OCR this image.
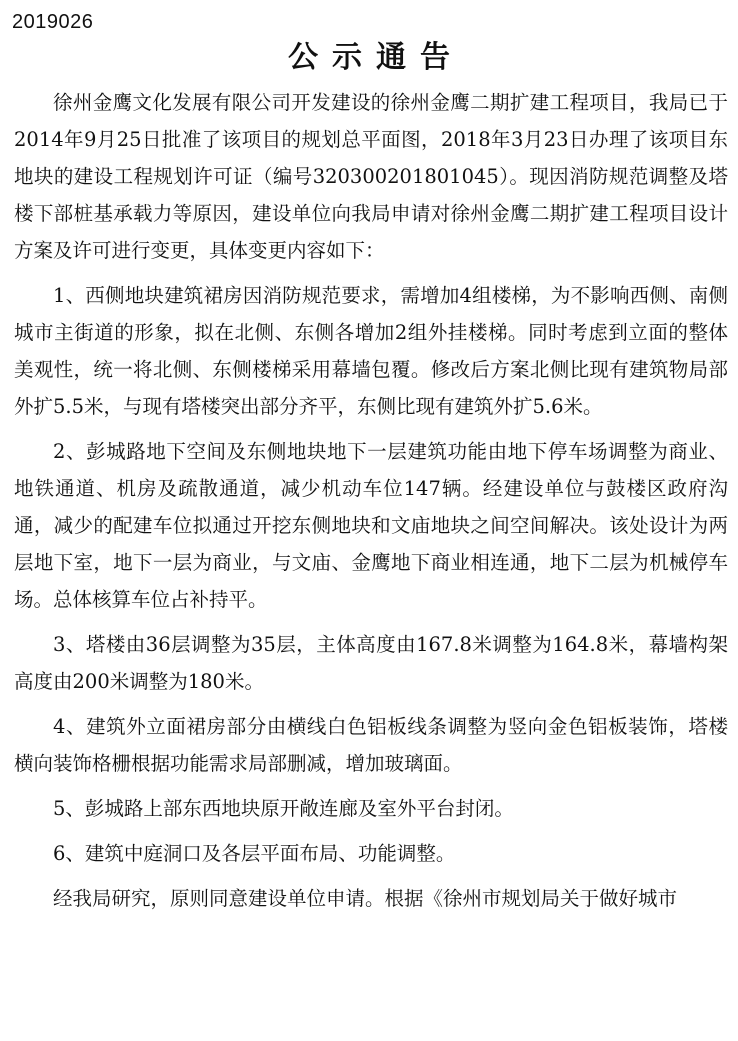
2019026
公示通告

徐州金鹰文化发展有限公司开发建设的徐州金鹰二期扩建工程项目，我局已于2014年9月25日批准了该项目的规划总平面图，2018年3月23日办理了该项目东地块的建设工程规划许可证（编号320300201801045）。现因消防规范调整及塔楼下部桩基承载力等原因，建设单位向我局申请对徐州金鹰二期扩建工程项目设计方案及许可进行变更，具体变更内容如下：

1、西侧地块建筑裙房因消防规范要求，需增加4组楼梯，为不影响西侧、南侧城市主街道的形象，拟在北侧、东侧各增加2组外挂楼梯。同时考虑到立面的整体美观性，统一将北侧、东侧楼梯采用幕墙包覆。修改后方案北侧比现有建筑物局部外扩5.5米，与现有塔楼突出部分齐平，东侧比现有建筑外扩5.6米。

2、彭城路地下空间及东侧地块地下一层建筑功能由地下停车场调整为商业、地铁通道、机房及疏散通道，减少机动车位147辆。经建设单位与鼓楼区政府沟通，减少的配建车位拟通过开挖东侧地块和文庙地块之间空间解决。该处设计为两层地下室，地下一层为商业，与文庙、金鹰地下商业相连通，地下二层为机械停车场。总体核算车位占补持平。

3、塔楼由36层调整为35层，主体高度由167.8米调整为164.8米，幕墙构架高度由200米调整为180米。

4、建筑外立面裙房部分由横线白色铝板线条调整为竖向金色铝板装饰，塔楼横向装饰格栅根据功能需求局部删减，增加玻璃面。

5、彭城路上部东西地块原开敞连廊及室外平台封闭。

6、建筑中庭洞口及各层平面布局、功能调整。

经我局研究，原则同意建设单位申请。根据《徐州市规划局关于做好城市
